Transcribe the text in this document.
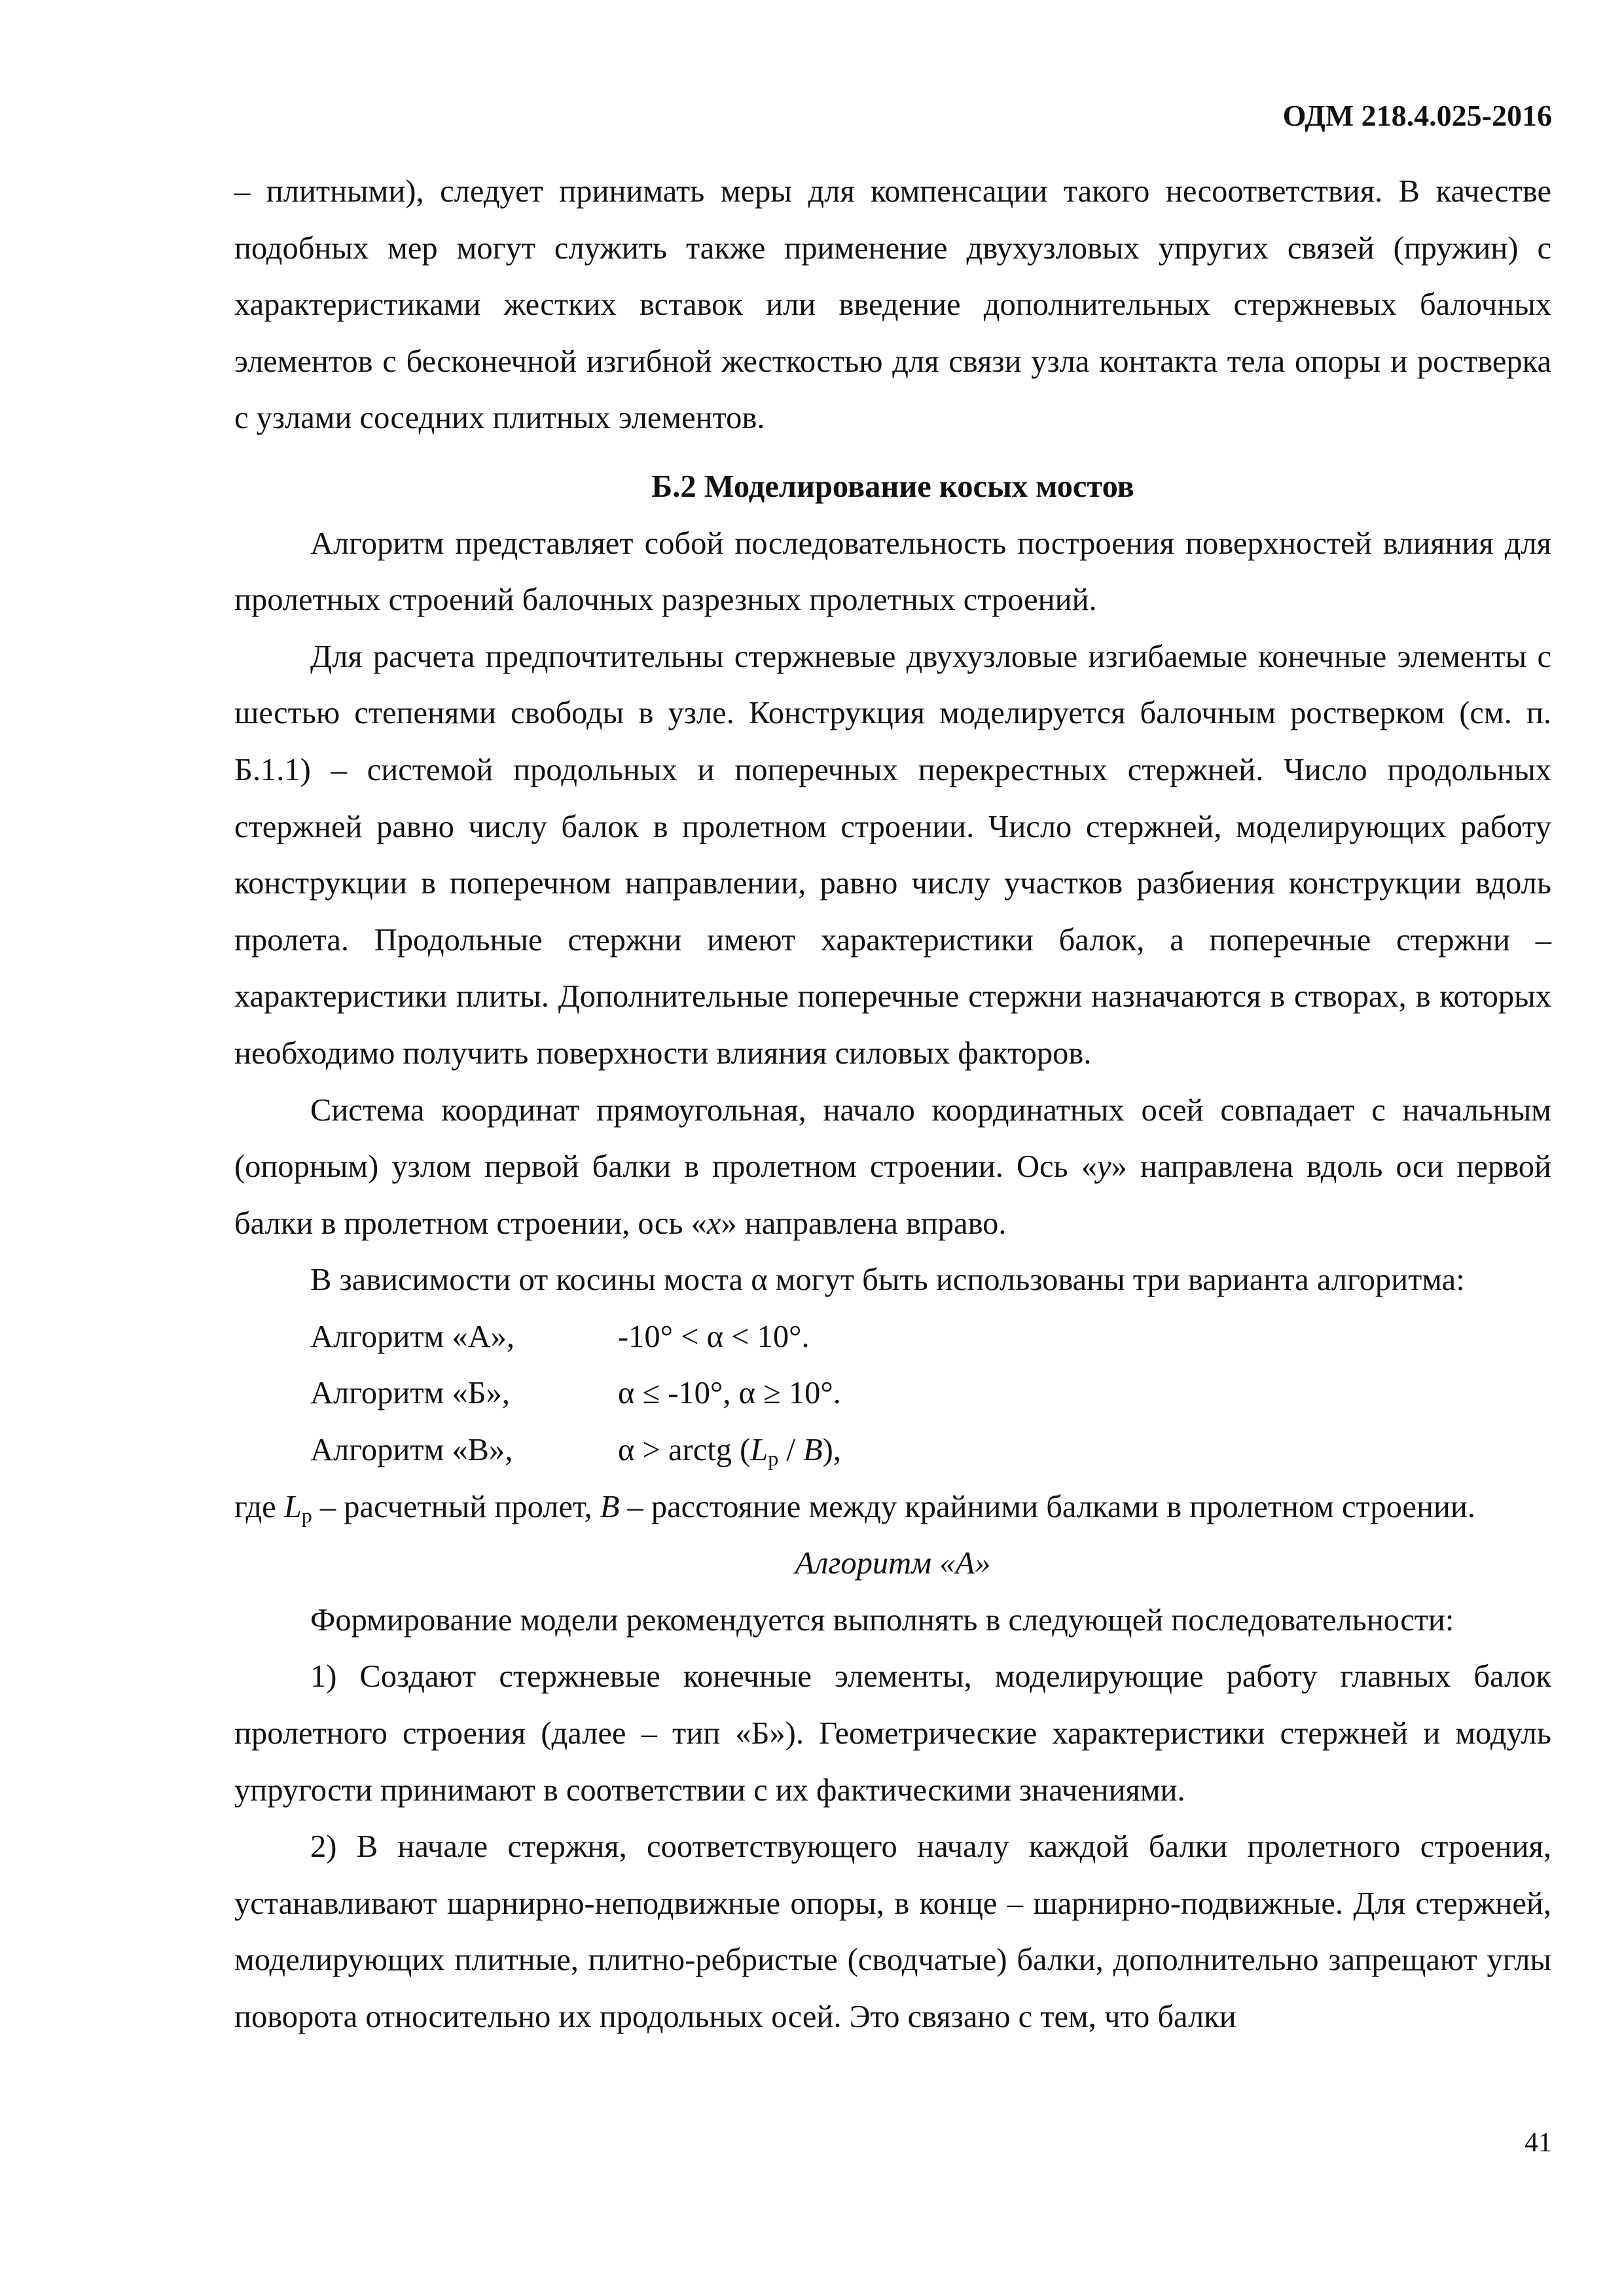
ОДМ 218.4.025-2016

– плитными), следует принимать меры для компенсации такого несоответствия. В качестве подобных мер могут служить также применение двухузловых упругих связей (пружин) с характеристиками жестких вставок или введение дополнительных стержневых балочных элементов с бесконечной изгибной жесткостью для связи узла контакта тела опоры и ростверка с узлами соседних плитных элементов.

Б.2 Моделирование косых мостов

Алгоритм представляет собой последовательность построения поверхностей влияния для пролетных строений балочных разрезных пролетных строений.

Для расчета предпочтительны стержневые двухузловые изгибаемые конечные элементы с шестью степенями свободы в узле. Конструкция моделируется балочным ростверком (см. п. Б.1.1) – системой продольных и поперечных перекрестных стержней. Число продольных стержней равно числу балок в пролетном строении. Число стержней, моделирующих работу конструкции в поперечном направлении, равно числу участков разбиения конструкции вдоль пролета. Продольные стержни имеют характеристики балок, а поперечные стержни – характеристики плиты. Дополнительные поперечные стержни назначаются в створах, в которых необходимо получить поверхности влияния силовых факторов.

Система координат прямоугольная, начало координатных осей совпадает с начальным (опорным) узлом первой балки в пролетном строении. Ось «y» направлена вдоль оси первой балки в пролетном строении, ось «x» направлена вправо.

В зависимости от косины моста α могут быть использованы три варианта алгоритма:

Алгоритм «А»,	-10° < α < 10°.
Алгоритм «Б»,	α ≤ -10°, α ≥ 10°.
Алгоритм «В»,	α > arctg $(L_р / B)$,

где $L_р$ – расчетный пролет, B – расстояние между крайними балками в пролетном строении.

Алгоритм «А»

Формирование модели рекомендуется выполнять в следующей последовательности:

1) Создают стержневые конечные элементы, моделирующие работу главных балок пролетного строения (далее – тип «Б»). Геометрические характеристики стержней и модуль упругости принимают в соответствии с их фактическими значениями.

2) В начале стержня, соответствующего началу каждой балки пролетного строения, устанавливают шарнирно-неподвижные опоры, в конце – шарнирно-подвижные. Для стержней, моделирующих плитные, плитно-ребристые (сводчатые) балки, дополнительно запрещают углы поворота относительно их продольных осей. Это связано с тем, что балки

41
